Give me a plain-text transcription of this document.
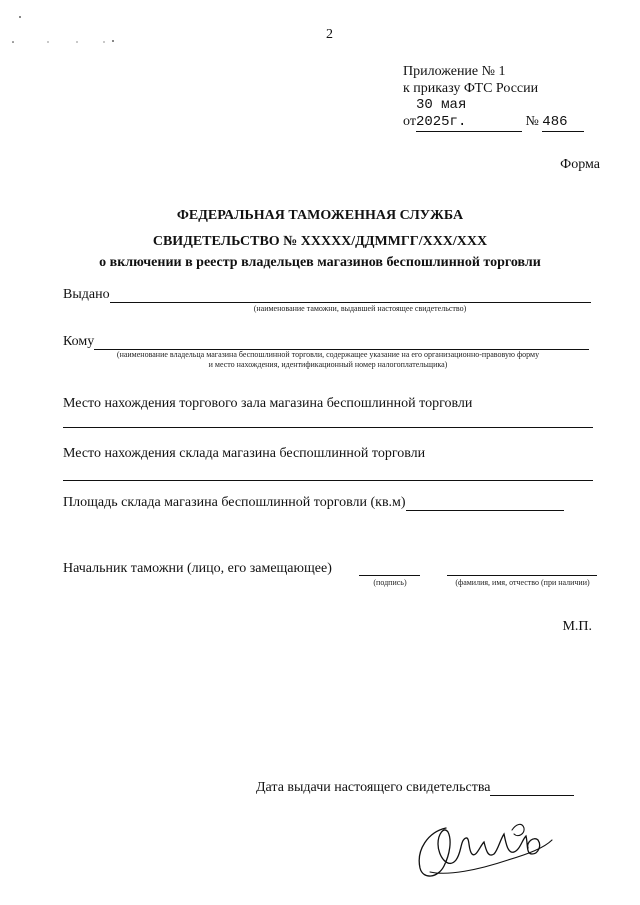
2
Приложение № 1
к приказу ФТС России
от30 мая 2025г.	№ 486
Форма
ФЕДЕРАЛЬНАЯ ТАМОЖЕННАЯ СЛУЖБА
СВИДЕТЕЛЬСТВО № ХХХХХ/ДДММГГ/ХХХ/ХХХ
о включении в реестр владельцев магазинов беспошлинной торговли
Выдано
(наименование таможни, выдавшей настоящее свидетельство)
Кому
(наименование владельца магазина беспошлинной торговли, содержащее указание на его организационно-правовую форму
и место нахождения, идентификационный номер налогоплательщика)
Место нахождения торгового зала магазина беспошлинной торговли
Место нахождения склада магазина беспошлинной торговли
Площадь склада магазина беспошлинной торговли (кв.м)
Начальник таможни (лицо, его замещающее)
(подпись)	(фамилия, имя, отчество (при наличии)
М.П.
Дата выдачи настоящего свидетельства
